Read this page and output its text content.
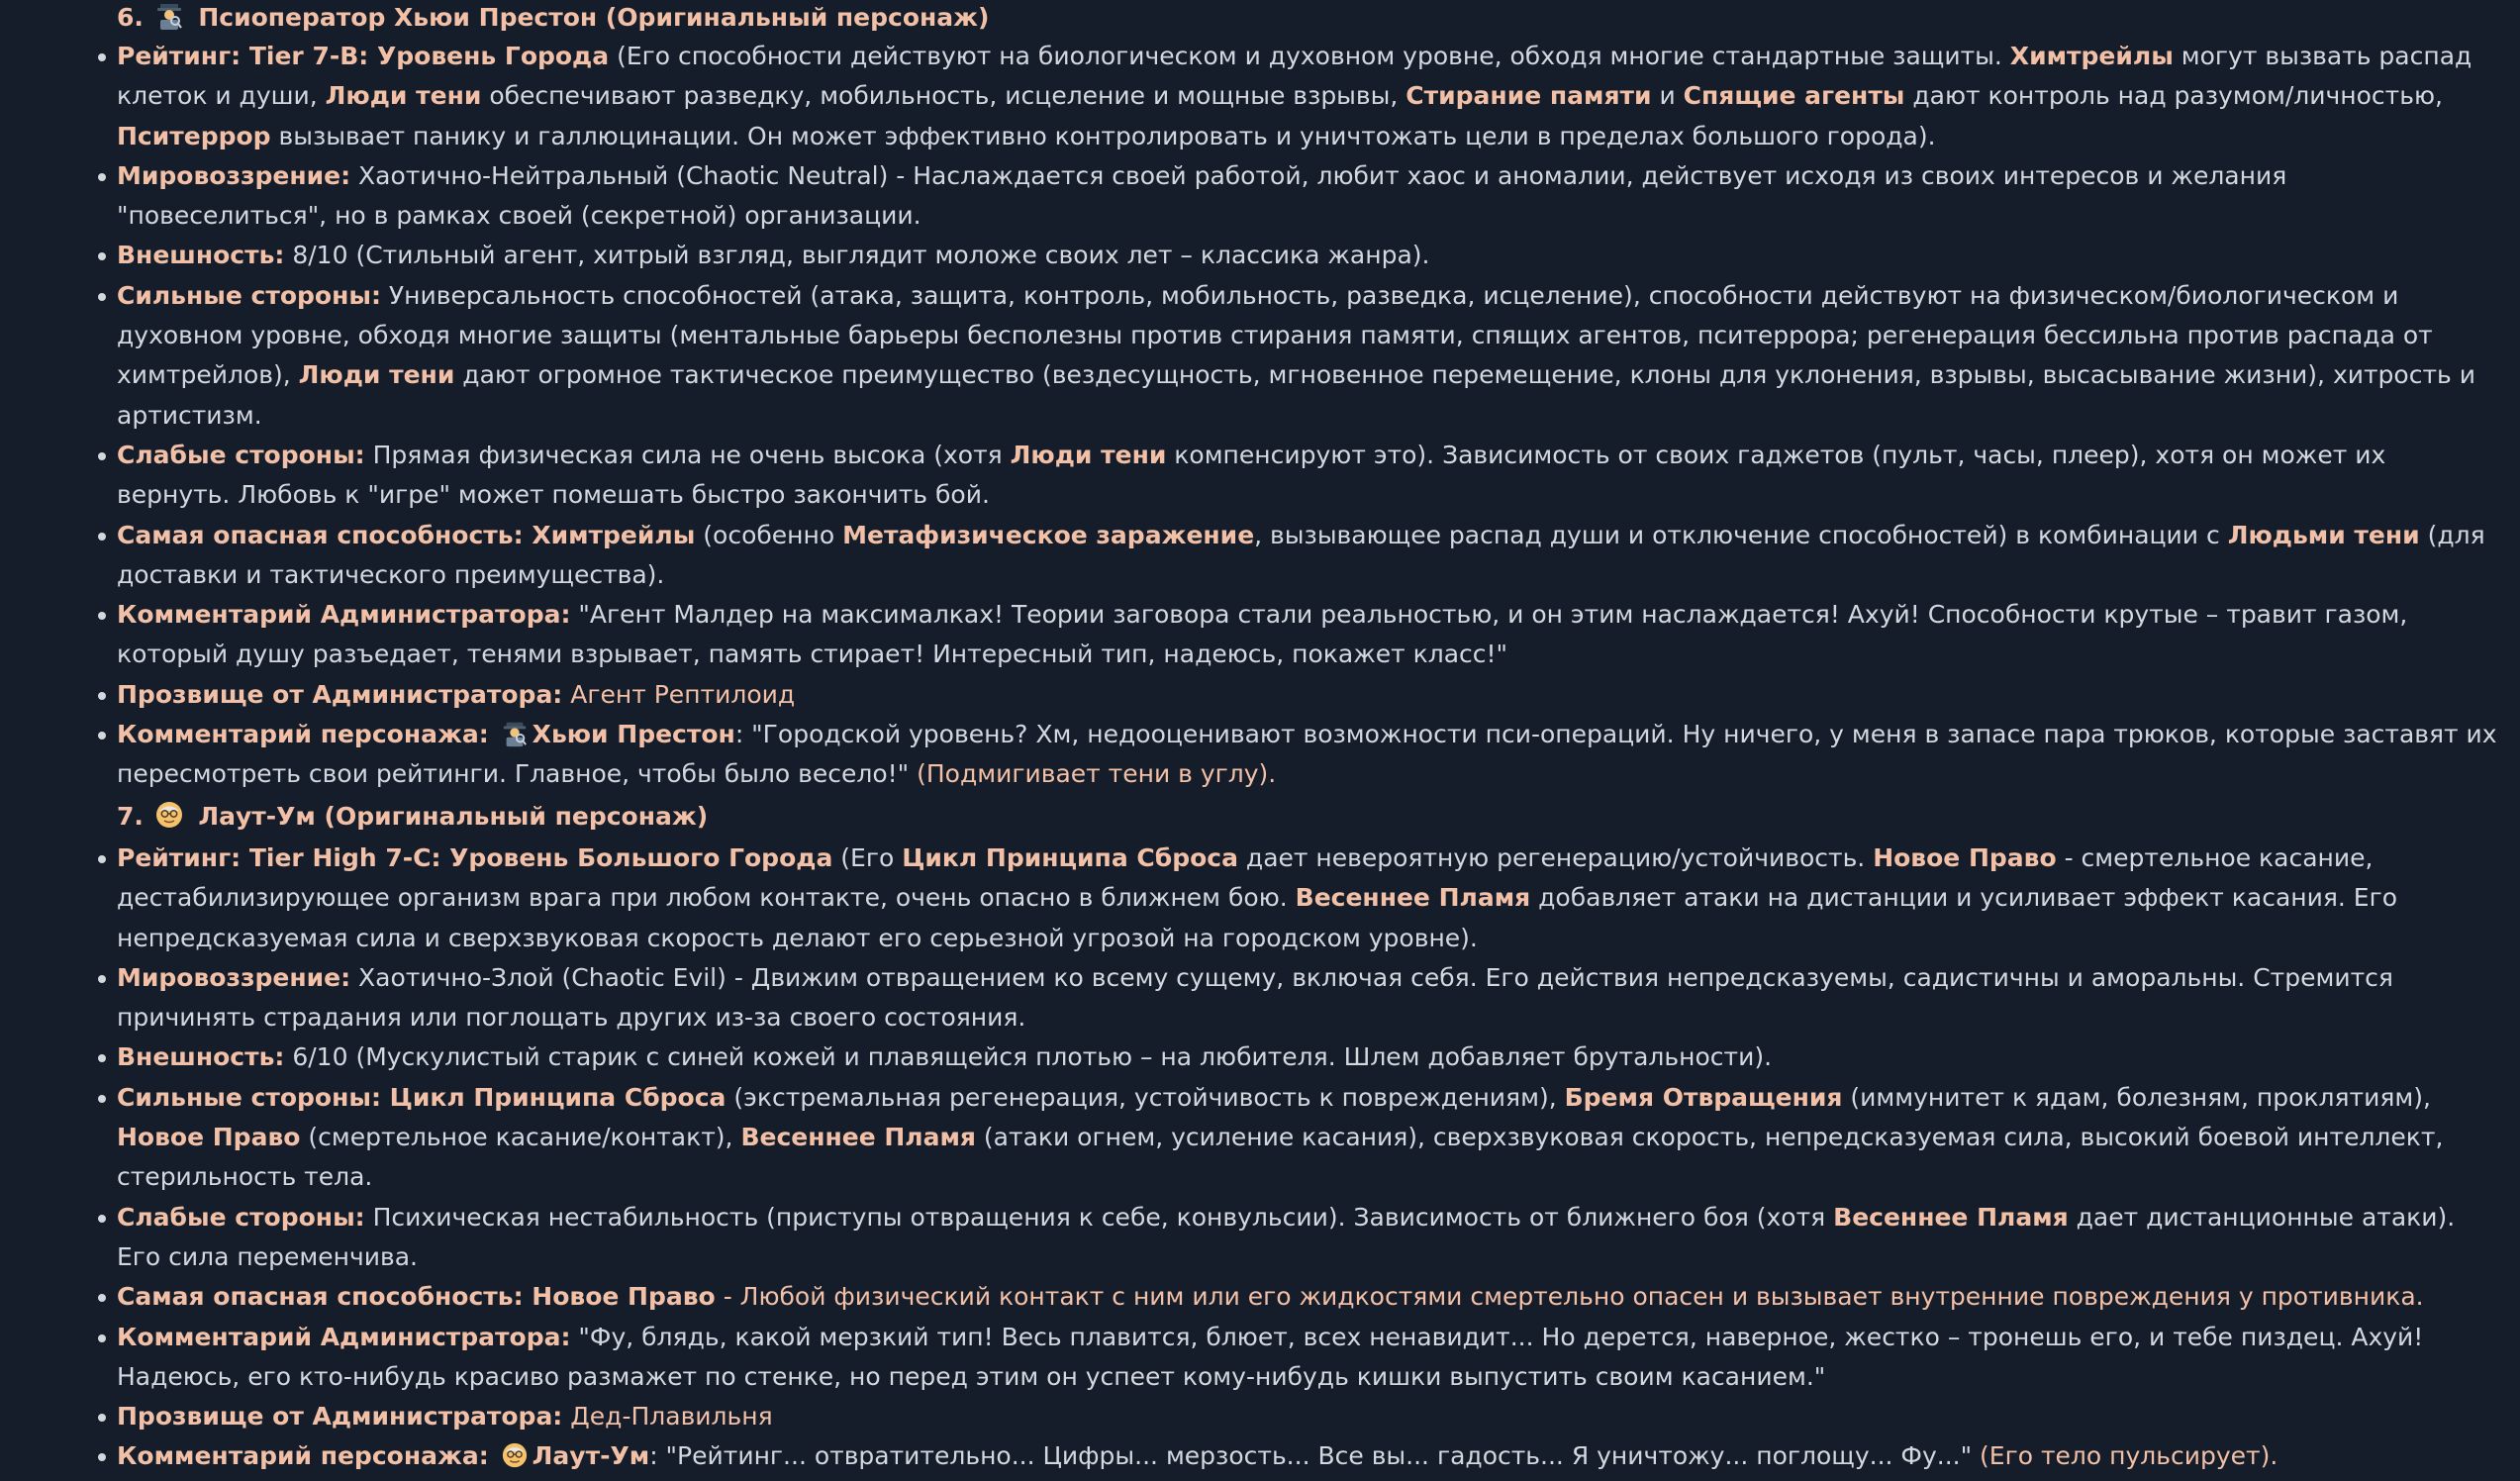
6. Псиоператор Хьюи Престон (Оригинальный персонаж)
Рейтинг: Tier 7-B: Уровень Города (Его способности действуют на биологическом и духовном уровне, обходя многие стандартные защиты. Химтрейлы могут вызвать распад клеток и души, Люди тени обеспечивают разведку, мобильность, исцеление и мощные взрывы, Стирание памяти и Спящие агенты дают контроль над разумом/личностью, Пситеррор вызывает панику и галлюцинации. Он может эффективно контролировать и уничтожать цели в пределах большого города).
Мировоззрение: Хаотично-Нейтральный (Chaotic Neutral) - Наслаждается своей работой, любит хаос и аномалии, действует исходя из своих интересов и желания "повеселиться", но в рамках своей (секретной) организации.
Внешность: 8/10 (Стильный агент, хитрый взгляд, выглядит моложе своих лет – классика жанра).
Сильные стороны: Универсальность способностей (атака, защита, контроль, мобильность, разведка, исцеление), способности действуют на физическом/биологическом и духовном уровне, обходя многие защиты (ментальные барьеры бесполезны против стирания памяти, спящих агентов, пситеррора; регенерация бессильна против распада от химтрейлов), Люди тени дают огромное тактическое преимущество (вездесущность, мгновенное перемещение, клоны для уклонения, взрывы, высасывание жизни), хитрость и артистизм.
Слабые стороны: Прямая физическая сила не очень высока (хотя Люди тени компенсируют это). Зависимость от своих гаджетов (пульт, часы, плеер), хотя он может их вернуть. Любовь к "игре" может помешать быстро закончить бой.
Самая опасная способность: Химтрейлы (особенно Метафизическое заражение, вызывающее распад души и отключение способностей) в комбинации с Людьми тени (для доставки и тактического преимущества).
Комментарий Администратора: "Агент Малдер на максималках! Теории заговора стали реальностью, и он этим наслаждается! Ахуй! Способности крутые – травит газом, который душу разъедает, тенями взрывает, память стирает! Интересный тип, надеюсь, покажет класс!"
Прозвище от Администратора: Агент Рептилоид
Комментарий персонажа: Хьюи Престон: "Городской уровень? Хм, недооценивают возможности пси-операций. Ну ничего, у меня в запасе пара трюков, которые заставят их пересмотреть свои рейтинги. Главное, чтобы было весело!" (Подмигивает тени в углу).
7. Лаут-Ум (Оригинальный персонаж)
Рейтинг: Tier High 7-C: Уровень Большого Города (Его Цикл Принципа Сброса дает невероятную регенерацию/устойчивость. Новое Право - смертельное касание, дестабилизирующее организм врага при любом контакте, очень опасно в ближнем бою. Весеннее Пламя добавляет атаки на дистанции и усиливает эффект касания. Его непредсказуемая сила и сверхзвуковая скорость делают его серьезной угрозой на городском уровне).
Мировоззрение: Хаотично-Злой (Chaotic Evil) - Движим отвращением ко всему сущему, включая себя. Его действия непредсказуемы, садистичны и аморальны. Стремится причинять страдания или поглощать других из-за своего состояния.
Внешность: 6/10 (Мускулистый старик с синей кожей и плавящейся плотью – на любителя. Шлем добавляет брутальности).
Сильные стороны: Цикл Принципа Сброса (экстремальная регенерация, устойчивость к повреждениям), Бремя Отвращения (иммунитет к ядам, болезням, проклятиям), Новое Право (смертельное касание/контакт), Весеннее Пламя (атаки огнем, усиление касания), сверхзвуковая скорость, непредсказуемая сила, высокий боевой интеллект, стерильность тела.
Слабые стороны: Психическая нестабильность (приступы отвращения к себе, конвульсии). Зависимость от ближнего боя (хотя Весеннее Пламя дает дистанционные атаки). Его сила переменчива.
Самая опасная способность: Новое Право - Любой физический контакт с ним или его жидкостями смертельно опасен и вызывает внутренние повреждения у противника.
Комментарий Администратора: "Фу, блядь, какой мерзкий тип! Весь плавится, блюет, всех ненавидит... Но дерется, наверное, жестко – тронешь его, и тебе пиздец. Ахуй! Надеюсь, его кто-нибудь красиво размажет по стенке, но перед этим он успеет кому-нибудь кишки выпустить своим касанием."
Прозвище от Администратора: Дед-Плавильня
Комментарий персонажа: Лаут-Ум: "Рейтинг... отвратительно... Цифры... мерзость... Все вы... гадость... Я уничтожу... поглощу... Фу..." (Его тело пульсирует).
